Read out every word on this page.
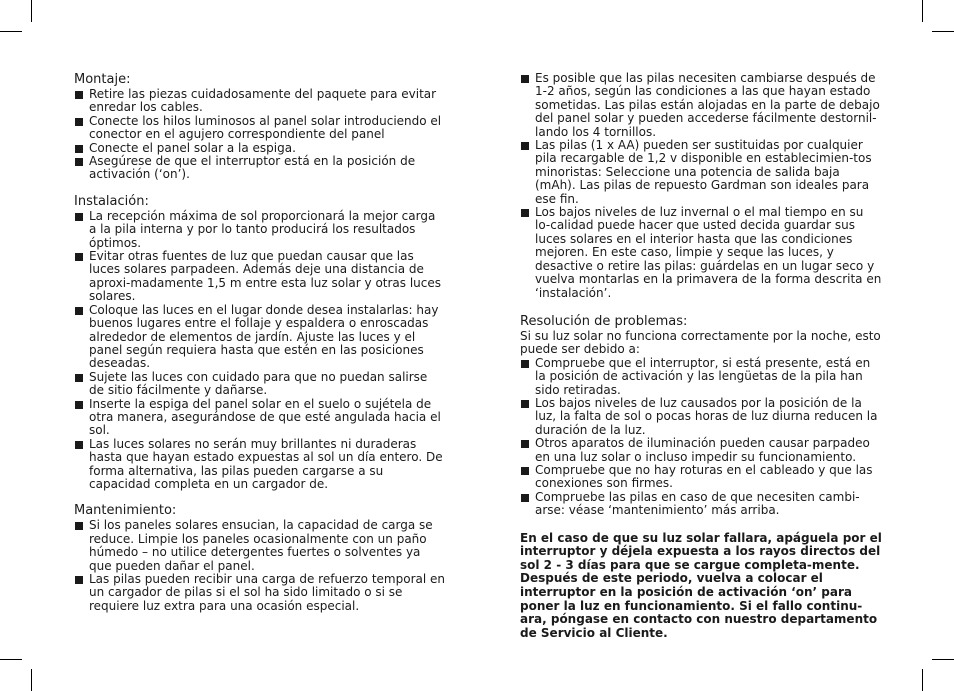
Montaje:
Retire las piezas cuidadosamente del paquete para evitar enredar los cables.
Conecte los hilos luminosos al panel solar introduciendo el conector en el agujero correspondiente del panel
Conecte el panel solar a la espiga.
Asegúrese de que el interruptor está en la posición de activación (‘on’).
Instalación:
La recepción máxima de sol proporcionará la mejor carga a la pila interna y por lo tanto producirá los resultados óptimos.
Evitar otras fuentes de luz que puedan causar que las luces solares parpadeen. Además deje una distancia de aproxi-madamente 1,5 m entre esta luz solar y otras luces solares.
Coloque las luces en el lugar donde desea instalarlas: hay buenos lugares entre el follaje y espaldera o enroscadas alrededor de elementos de jardín. Ajuste las luces y el panel según requiera hasta que estén en las posiciones deseadas.
Sujete las luces con cuidado para que no puedan salirse de sitio fácilmente y dañarse.
Inserte la espiga del panel solar en el suelo o sujétela de otra manera, asegurándose de que esté angulada hacia el sol.
Las luces solares no serán muy brillantes ni duraderas hasta que hayan estado expuestas al sol un día entero. De forma alternativa, las pilas pueden cargarse a su capacidad completa en un cargador de.
Mantenimiento:
Si los paneles solares ensucian, la capacidad de carga se reduce. Limpie los paneles ocasionalmente con un paño húmedo – no utilice detergentes fuertes o solventes ya que pueden dañar el panel.
Las pilas pueden recibir una carga de refuerzo temporal en un cargador de pilas si el sol ha sido limitado o si se requiere luz extra para una ocasión especial.
Es posible que las pilas necesiten cambiarse después de 1-2 años, según las condiciones a las que hayan estado sometidas. Las pilas están alojadas en la parte de debajo del panel solar y pueden accederse fácilmente destornil-lando los 4 tornillos.
Las pilas (1 x AA) pueden ser sustituidas por cualquier pila recargable de 1,2 v disponible en establecimien-tos minoristas: Seleccione una potencia de salida baja (mAh). Las pilas de repuesto Gardman son ideales para ese fin.
Los bajos niveles de luz invernal o el mal tiempo en su lo-calidad puede hacer que usted decida guardar sus luces solares en el interior hasta que las condiciones mejoren. En este caso, limpie y seque las luces, y desactive o retire las pilas: guárdelas en un lugar seco y vuelva montarlas en la primavera de la forma descrita en ‘instalación’.
Resolución de problemas:

Si su luz solar no funciona correctamente por la noche, esto puede ser debido a:

Compruebe que el interruptor, si está presente, está en la posición de activación y las lengüetas de la pila han sido retiradas.
Los bajos niveles de luz causados por la posición de la luz, la falta de sol o pocas horas de luz diurna reducen la duración de la luz.
Otros aparatos de iluminación pueden causar parpadeo en una luz solar o incluso impedir su funcionamiento.
Compruebe que no hay roturas en el cableado y que las conexiones son firmes.
Compruebe las pilas en caso de que necesiten cambi-arse: véase ‘mantenimiento’ más arriba.

En el caso de que su luz solar fallara, apáguela por el interruptor y déjela expuesta a los rayos directos del sol 2 - 3 días para que se cargue completa-mente. Después de este periodo, vuelva a colocar el interruptor en la posición de activación ‘on’ para poner la luz en funcionamiento. Si el fallo continu-ara, póngase en contacto con nuestro departamento de Servicio al Cliente.
